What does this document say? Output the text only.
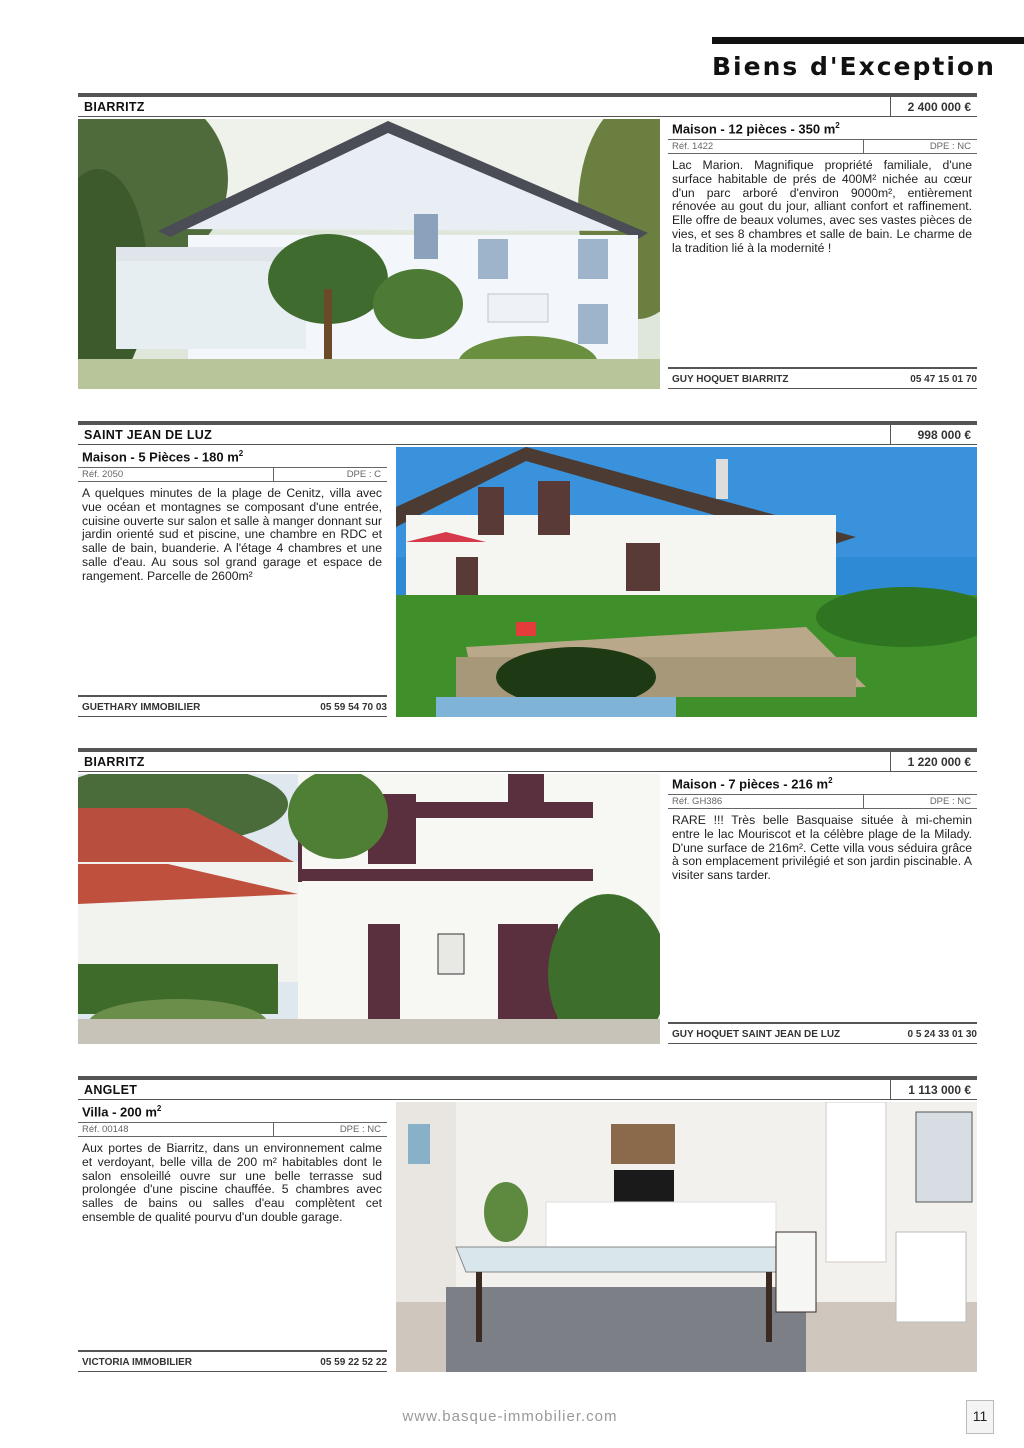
Biens d'Exception
BIARRITZ	2 400 000 €
Maison - 12 pièces - 350 $m^2$
Réf. 1422	DPE : NC
Lac Marion. Magnifique propriété familiale, d'une surface habitable de prés de 400M² nichée au cœur d'un parc arboré d'environ 9000m², entièrement rénovée au gout du jour, alliant confort et raffinement. Elle offre de beaux volumes, avec ses vastes pièces de vies, et ses 8 chambres et salle de bain. Le charme de la tradition lié à la modernité !
GUY HOQUET BIARRITZ	05 47 15 01 70
SAINT JEAN DE LUZ	998 000 €
Maison - 5 Pièces - 180 $m^2$
Réf. 2050	DPE : C
A quelques minutes de la plage de Cenitz, villa avec vue océan et montagnes se composant d'une entrée, cuisine ouverte sur salon et salle à manger donnant sur jardin orienté sud et piscine, une chambre en RDC et salle de bain, buanderie. A l'étage 4 chambres et une salle d'eau. Au sous sol grand garage et espace de rangement. Parcelle de 2600m²
GUETHARY IMMOBILIER	05 59 54 70 03
BIARRITZ	1 220 000 €
Maison - 7 pièces - 216 $m^2$
Réf. GH386	DPE : NC
RARE !!! Très belle Basquaise située à mi-chemin entre le lac Mouriscot et la célèbre plage de la Milady. D'une surface de 216m². Cette villa vous séduira grâce à son emplacement privilégié et son jardin piscinable. A visiter sans tarder.
GUY HOQUET SAINT JEAN DE LUZ	0 5 24 33 01 30
ANGLET	1 113 000 €
Villa - 200 $m^2$
Réf. 00148	DPE : NC
Aux portes de Biarritz, dans un environnement calme et verdoyant, belle villa de 200 m² habitables dont le salon ensoleillé ouvre sur une belle terrasse sud prolongée d'une piscine chauffée. 5 chambres avec salles de bains ou salles d'eau complètent cet ensemble de qualité pourvu d'un double garage.
VICTORIA IMMOBILIER	05 59 22 52 22
www.basque-immobilier.com	11
